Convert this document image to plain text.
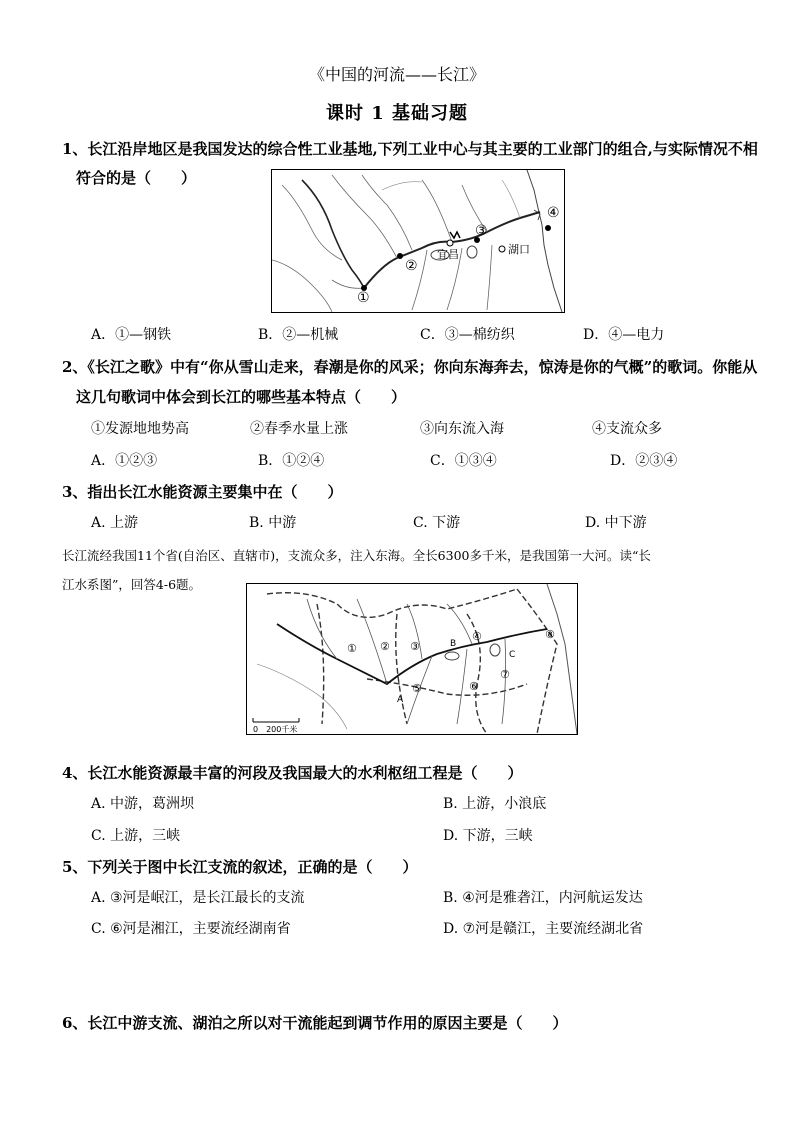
《中国的河流——长江》
课时 1 基础习题
1、长江沿岸地区是我国发达的综合性工业基地,下列工业中心与其主要的工业部门的组合,与实际情况不相
符合的是（　　）
①
②
③
④
宜昌	湖口
A．①—钢铁	B．②—机械	C．③—棉纺织	D．④—电力
2、《长江之歌》中有“你从雪山走来，春潮是你的风采；你向东海奔去，惊涛是你的气概”的歌词。你能从
这几句歌词中体会到长江的哪些基本特点（　　）
①发源地地势高	②春季水量上涨	③向东流入海	④支流众多
A．①②③	B．①②④	C．①③④	D．②③④
3、指出长江水能资源主要集中在（　　）
A. 上游	B. 中游	C. 下游	D. 中下游
长江流经我国11个省(自治区、直辖市)，支流众多，注入东海。全长6300多千米，是我国第一大河。读“长
江水系图”，回答4-6题。
① ② ③
④
⑤	⑥
⑦
⑧
B
C
A
0　200千米
4、长江水能资源最丰富的河段及我国最大的水利枢纽工程是（　　）
A. 中游，葛洲坝	B. 上游，小浪底
C. 上游，三峡	D. 下游，三峡
5、下列关于图中长江支流的叙述，正确的是（　　）
A. ③河是岷江，是长江最长的支流	B. ④河是雅砻江，内河航运发达
C. ⑥河是湘江，主要流经湖南省	D. ⑦河是赣江，主要流经湖北省
6、长江中游支流、湖泊之所以对干流能起到调节作用的原因主要是（　　）
